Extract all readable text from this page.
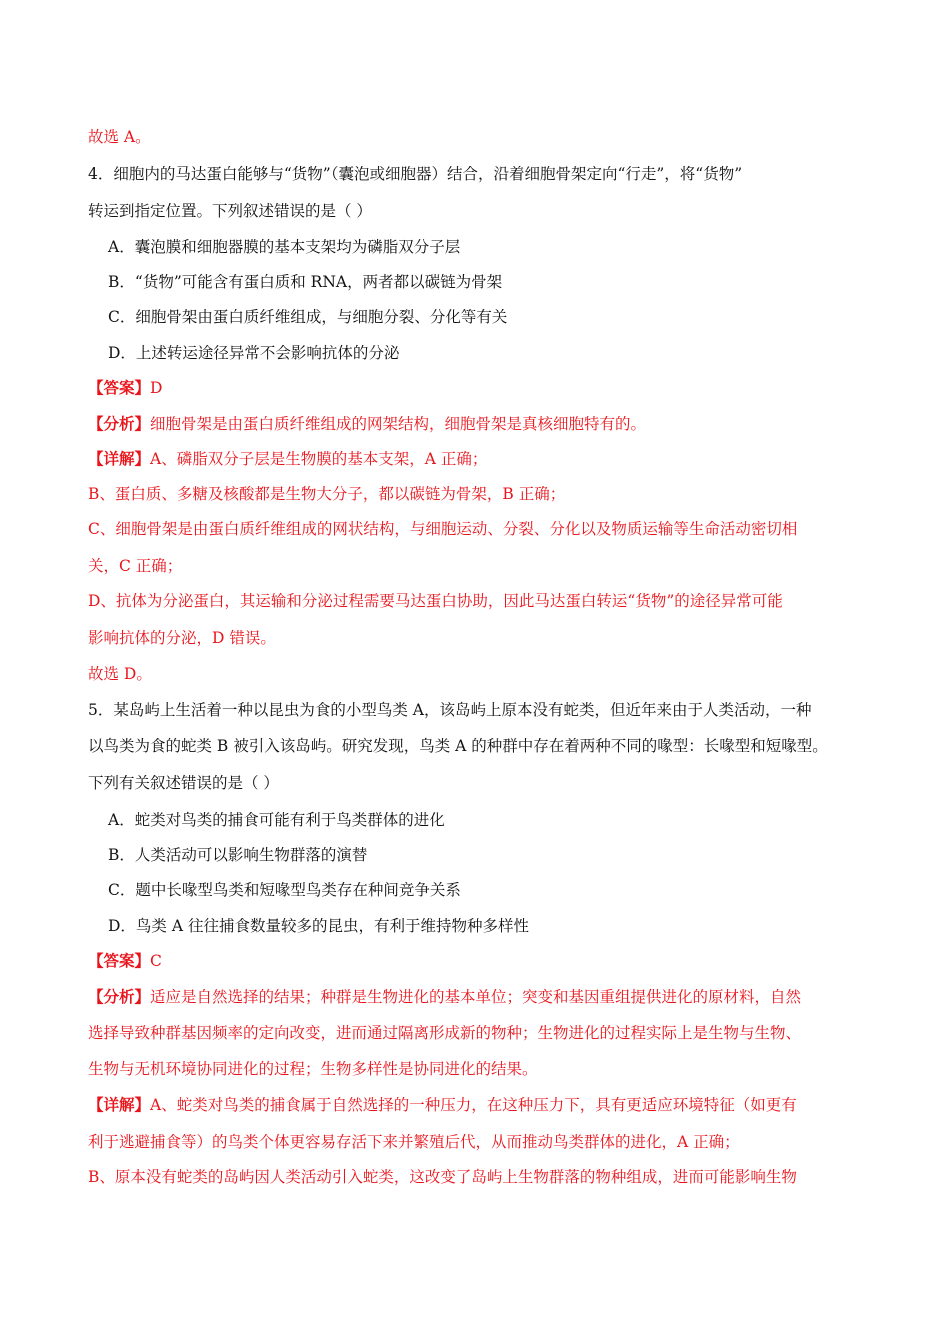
故选 A。
4．细胞内的马达蛋白能够与“货物”（囊泡或细胞器）结合，沿着细胞骨架定向“行走”，将“货物”
转运到指定位置。下列叙述错误的是（ ）
A．囊泡膜和细胞器膜的基本支架均为磷脂双分子层
B．“货物”可能含有蛋白质和 RNA，两者都以碳链为骨架
C．细胞骨架由蛋白质纤维组成，与细胞分裂、分化等有关
D．上述转运途径异常不会影响抗体的分泌
【答案】D
【分析】细胞骨架是由蛋白质纤维组成的网架结构，细胞骨架是真核细胞特有的。
【详解】A、磷脂双分子层是生物膜的基本支架，A 正确；
B、蛋白质、多糖及核酸都是生物大分子，都以碳链为骨架，B 正确；
C、细胞骨架是由蛋白质纤维组成的网状结构，与细胞运动、分裂、分化以及物质运输等生命活动密切相
关，C 正确；
D、抗体为分泌蛋白，其运输和分泌过程需要马达蛋白协助，因此马达蛋白转运“货物”的途径异常可能
影响抗体的分泌，D 错误。
故选 D。
5．某岛屿上生活着一种以昆虫为食的小型鸟类 A，该岛屿上原本没有蛇类，但近年来由于人类活动，一种
以鸟类为食的蛇类 B 被引入该岛屿。研究发现，鸟类 A 的种群中存在着两种不同的喙型：长喙型和短喙型。
下列有关叙述错误的是（ ）
A．蛇类对鸟类的捕食可能有利于鸟类群体的进化
B．人类活动可以影响生物群落的演替
C．题中长喙型鸟类和短喙型鸟类存在种间竞争关系
D．鸟类 A 往往捕食数量较多的昆虫，有利于维持物种多样性
【答案】C
【分析】适应是自然选择的结果；种群是生物进化的基本单位；突变和基因重组提供进化的原材料，自然
选择导致种群基因频率的定向改变，进而通过隔离形成新的物种；生物进化的过程实际上是生物与生物、
生物与无机环境协同进化的过程；生物多样性是协同进化的结果。
【详解】A、蛇类对鸟类的捕食属于自然选择的一种压力，在这种压力下，具有更适应环境特征（如更有
利于逃避捕食等）的鸟类个体更容易存活下来并繁殖后代，从而推动鸟类群体的进化，A 正确；
B、原本没有蛇类的岛屿因人类活动引入蛇类，这改变了岛屿上生物群落的物种组成，进而可能影响生物
